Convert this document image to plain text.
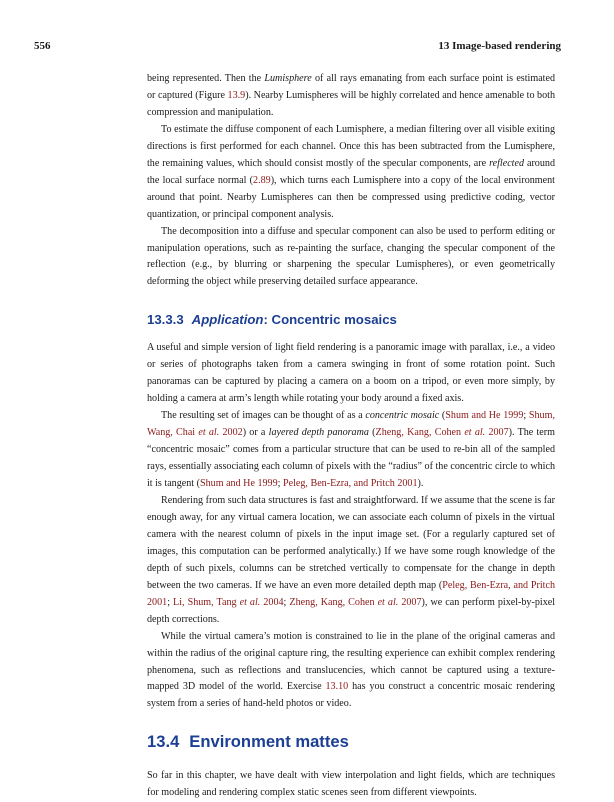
556	13 Image-based rendering

being represented. Then the Lumisphere of all rays emanating from each surface point is estimated or captured (Figure 13.9). Nearby Lumispheres will be highly correlated and hence amenable to both compression and manipulation.

To estimate the diffuse component of each Lumisphere, a median filtering over all visible exiting directions is first performed for each channel. Once this has been subtracted from the Lumisphere, the remaining values, which should consist mostly of the specular components, are reflected around the local surface normal (2.89), which turns each Lumisphere into a copy of the local environment around that point. Nearby Lumispheres can then be compressed using predictive coding, vector quantization, or principal component analysis.

The decomposition into a diffuse and specular component can also be used to perform editing or manipulation operations, such as re-painting the surface, changing the specular component of the reflection (e.g., by blurring or sharpening the specular Lumispheres), or even geometrically deforming the object while preserving detailed surface appearance.

13.3.3 Application: Concentric mosaics

A useful and simple version of light field rendering is a panoramic image with parallax, i.e., a video or series of photographs taken from a camera swinging in front of some rotation point. Such panoramas can be captured by placing a camera on a boom on a tripod, or even more simply, by holding a camera at arm’s length while rotating your body around a fixed axis.

The resulting set of images can be thought of as a concentric mosaic (Shum and He 1999; Shum, Wang, Chai et al. 2002) or a layered depth panorama (Zheng, Kang, Cohen et al. 2007). The term “concentric mosaic” comes from a particular structure that can be used to re-bin all of the sampled rays, essentially associating each column of pixels with the “radius” of the concentric circle to which it is tangent (Shum and He 1999; Peleg, Ben-Ezra, and Pritch 2001).

Rendering from such data structures is fast and straightforward. If we assume that the scene is far enough away, for any virtual camera location, we can associate each column of pixels in the virtual camera with the nearest column of pixels in the input image set. (For a regularly captured set of images, this computation can be performed analytically.) If we have some rough knowledge of the depth of such pixels, columns can be stretched vertically to compensate for the change in depth between the two cameras. If we have an even more detailed depth map (Peleg, Ben-Ezra, and Pritch 2001; Li, Shum, Tang et al. 2004; Zheng, Kang, Cohen et al. 2007), we can perform pixel-by-pixel depth corrections.

While the virtual camera’s motion is constrained to lie in the plane of the original cameras and within the radius of the original capture ring, the resulting experience can exhibit complex rendering phenomena, such as reflections and translucencies, which cannot be captured using a texture-mapped 3D model of the world. Exercise 13.10 has you construct a concentric mosaic rendering system from a series of hand-held photos or video.

13.4 Environment mattes

So far in this chapter, we have dealt with view interpolation and light fields, which are techniques for modeling and rendering complex static scenes seen from different viewpoints.
